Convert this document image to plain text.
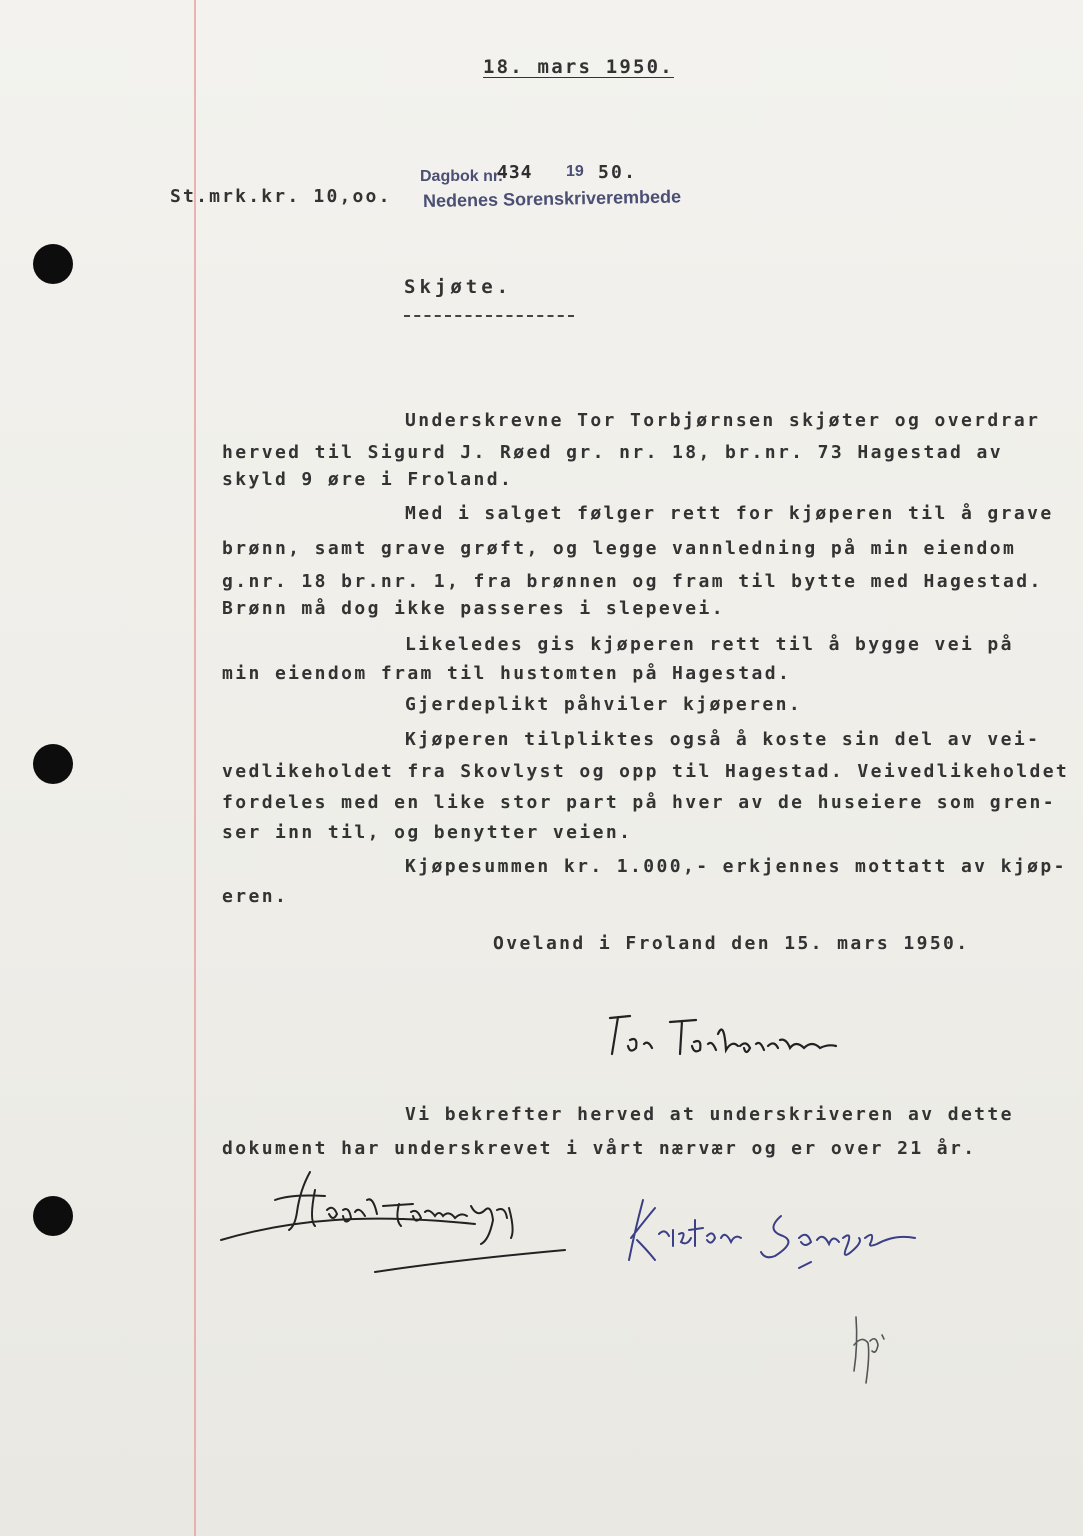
18. mars 1950.
St.mrk.kr. 10,oo.
Dagbok nr.
434 19 50.
Nedenes Sorenskriverembede
Skjøte.
Underskrevne Tor Torbjørnsen skjøter og overdrar
herved til Sigurd J. Røed gr. nr. 18, br.nr. 73 Hagestad av
skyld 9 øre i Froland.
Med i salget følger rett for kjøperen til å grave
brønn, samt grave grøft, og legge vannledning på min eiendom
g.nr. 18 br.nr. 1, fra brønnen og fram til bytte med Hagestad.
Brønn må dog ikke passeres i slepevei.
Likeledes gis kjøperen rett til å bygge vei på
min eiendom fram til hustomten på Hagestad.
Gjerdeplikt påhviler kjøperen.
Kjøperen tilpliktes også å koste sin del av vei-
vedlikeholdet fra Skovlyst og opp til Hagestad. Veivedlikeholdet
fordeles med en like stor part på hver av de huseiere som gren-
ser inn til, og benytter veien.
Kjøpesummen kr. 1.000,- erkjennes mottatt av kjøp-
eren.
Oveland i Froland den 15. mars 1950.
Vi bekrefter herved at underskriveren av dette
dokument har underskrevet i vårt nærvær og er over 21 år.
